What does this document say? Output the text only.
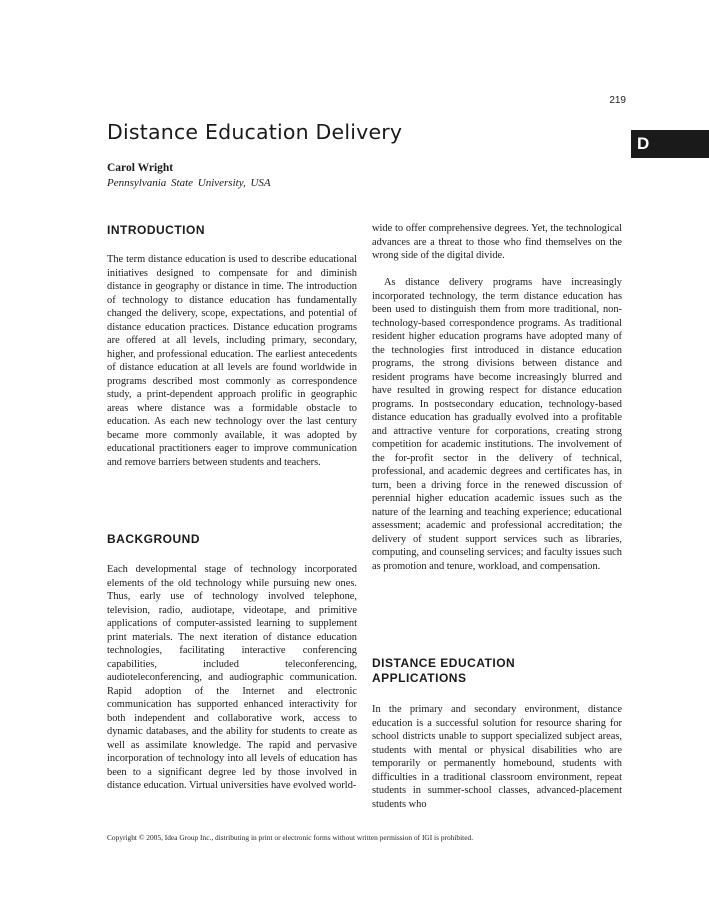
219
D
Distance Education Delivery
Carol Wright
Pennsylvania State University, USA
INTRODUCTION

The term distance education is used to describe educational initiatives designed to compensate for and diminish distance in geography or distance in time. The introduction of technology to distance education has fundamentally changed the delivery, scope, expectations, and potential of distance education practices. Distance education programs are offered at all levels, including primary, secondary, higher, and professional education. The earliest antecedents of distance education at all levels are found worldwide in programs described most commonly as correspondence study, a print-dependent approach prolific in geographic areas where distance was a formidable obstacle to education. As each new technology over the last century became more commonly available, it was adopted by educational practitioners eager to improve communication and remove barriers between students and teachers.

BACKGROUND

Each developmental stage of technology incorporated elements of the old technology while pursuing new ones. Thus, early use of technology involved telephone, television, radio, audiotape, videotape, and primitive applications of computer-assisted learning to supplement print materials. The next iteration of distance education technologies, facilitating interactive conferencing capabilities, included teleconferencing, audioteleconferencing, and audiographic communication. Rapid adoption of the Internet and electronic communication has supported enhanced interactivity for both independent and collaborative work, access to dynamic databases, and the ability for students to create as well as assimilate knowledge. The rapid and pervasive incorporation of technology into all levels of education has been to a significant degree led by those involved in distance education. Virtual universities have evolved world-

wide to offer comprehensive degrees. Yet, the technological advances are a threat to those who find themselves on the wrong side of the digital divide.

As distance delivery programs have increasingly incorporated technology, the term distance education has been used to distinguish them from more traditional, non-technology-based correspondence programs. As traditional resident higher education programs have adopted many of the technologies first introduced in distance education programs, the strong divisions between distance and resident programs have become increasingly blurred and have resulted in growing respect for distance education programs. In postsecondary education, technology-based distance education has gradually evolved into a profitable and attractive venture for corporations, creating strong competition for academic institutions. The involvement of the for-profit sector in the delivery of technical, professional, and academic degrees and certificates has, in turn, been a driving force in the renewed discussion of perennial higher education academic issues such as the nature of the learning and teaching experience; educational assessment; academic and professional accreditation; the delivery of student support services such as libraries, computing, and counseling services; and faculty issues such as promotion and tenure, workload, and compensation.

DISTANCE EDUCATION
APPLICATIONS

In the primary and secondary environment, distance education is a successful solution for resource sharing for school districts unable to support specialized subject areas, students with mental or physical disabilities who are temporarily or permanently homebound, students with difficulties in a traditional classroom environment, repeat students in summer-school classes, advanced-placement students who

Copyright © 2005, Idea Group Inc., distributing in print or electronic forms without written permission of IGI is prohibited.
